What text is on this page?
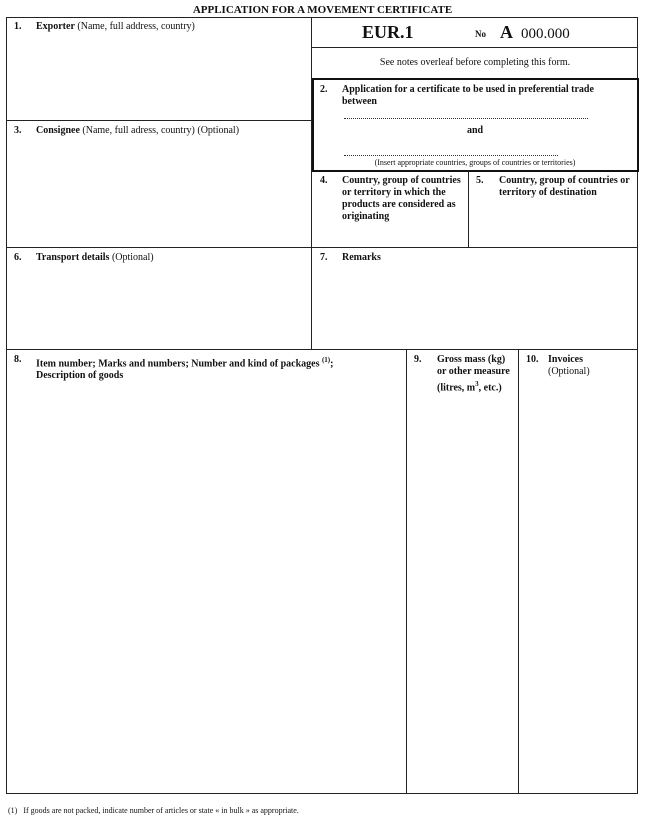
APPLICATION FOR A MOVEMENT CERTIFICATE
1. Exporter (Name, full address, country)	EUR.1	No A 000.000
See notes overleaf before completing this form.
2. Application for a certificate to be used in preferential trade between
and
(Insert appropriate countries, groups of countries or territories)
3. Consignee (Name, full adress, country) (Optional)
4. Country, group of countries or territory in which the products are considered as originating
5. Country, group of countries or territory of destination
6. Transport details (Optional)	7. Remarks
8. Item number; Marks and numbers; Number and kind of packages $^{(1)}$;
Description of goods
9. Gross mass (kg) or other measure (litres, $m^3$, etc.)
10. Invoices
(Optional)
(1) If goods are not packed, indicate number of articles or state « in bulk » as appropriate.
